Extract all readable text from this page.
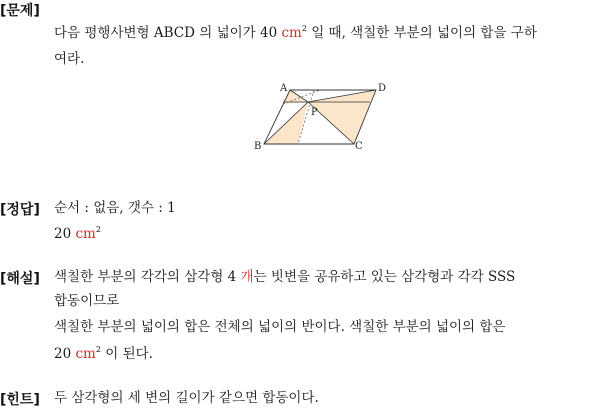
[문제]
다음 평행사변형 ABCD 의 넓이가 40 $cm^2$ 일 때, 색칠한 부분의 넓이의 합을 구하
여라.
A	D
B	C
P
[정답] 순서 : 없음, 갯수 : 1
20 $cm^2$
[해설] 색칠한 부분의 각각의 삼각형 4 개는 빗변을 공유하고 있는 삼각형과 각각 SSS
합동이므로
색칠한 부분의 넓이의 합은 전체의 넓이의 반이다. 색칠한 부분의 넓이의 합은
20 $cm^2$ 이 된다.
[힌트] 두 삼각형의 세 변의 길이가 같으면 합동이다.
